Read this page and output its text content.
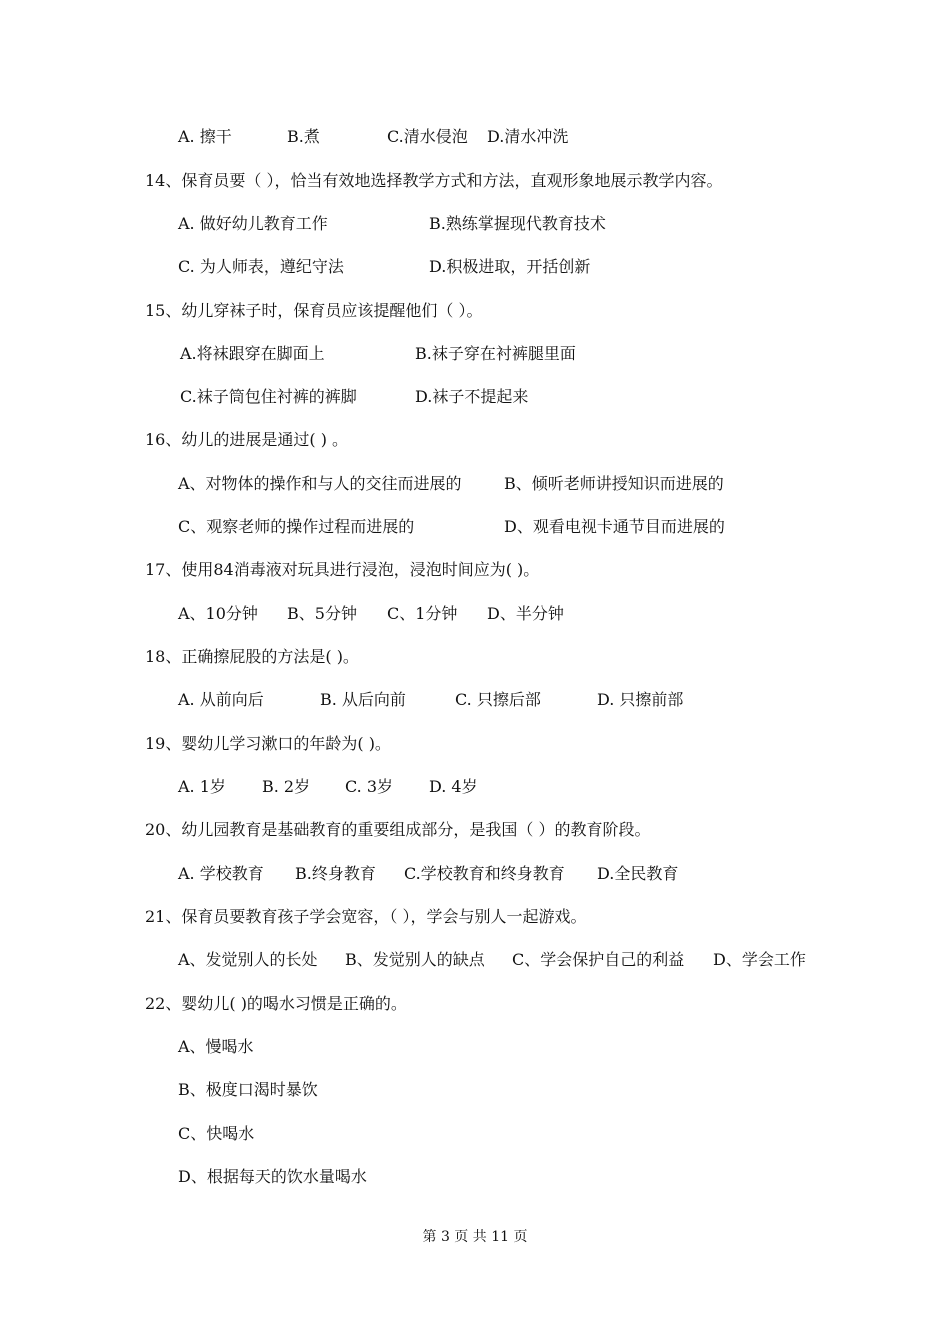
A. 擦干	B.煮	C.清水侵泡 D.清水冲洗
14、保育员要（ ），恰当有效地选择教学方式和方法，直观形象地展示教学内容。
A. 做好幼儿教育工作	B.熟练掌握现代教育技术
C. 为人师表，遵纪守法	D.积极进取，开括创新
15、幼儿穿袜子时，保育员应该提醒他们（ ）。
A.将袜跟穿在脚面上	B.袜子穿在衬裤腿里面
C.袜子筒包住衬裤的裤脚	D.袜子不提起来
16、幼儿的进展是通过( ) 。
A、对物体的操作和与人的交往而进展的	B、倾听老师讲授知识而进展的
C、观察老师的操作过程而进展的	D、观看电视卡通节目而进展的
17、使用84消毒液对玩具进行浸泡，浸泡时间应为( )。
A、10分钟 B、5分钟 C、1分钟 D、半分钟
18、正确擦屁股的方法是( )。
A. 从前向后	B. 从后向前	C. 只擦后部	D. 只擦前部
19、婴幼儿学习漱口的年龄为( )。
A. 1岁 B. 2岁 C. 3岁 D. 4岁
20、幼儿园教育是基础教育的重要组成部分，是我国（ ）的教育阶段。
A. 学校教育 B.终身教育 C.学校教育和终身教育 D.全民教育
21、保育员要教育孩子学会宽容，（ ），学会与别人一起游戏。
A、发觉别人的长处 B、发觉别人的缺点 C、学会保护自己的利益 D、学会工作
22、婴幼儿( )的喝水习惯是正确的。
A、慢喝水
B、极度口渴时暴饮
C、快喝水
D、根据每天的饮水量喝水
第 3 页 共 11 页
